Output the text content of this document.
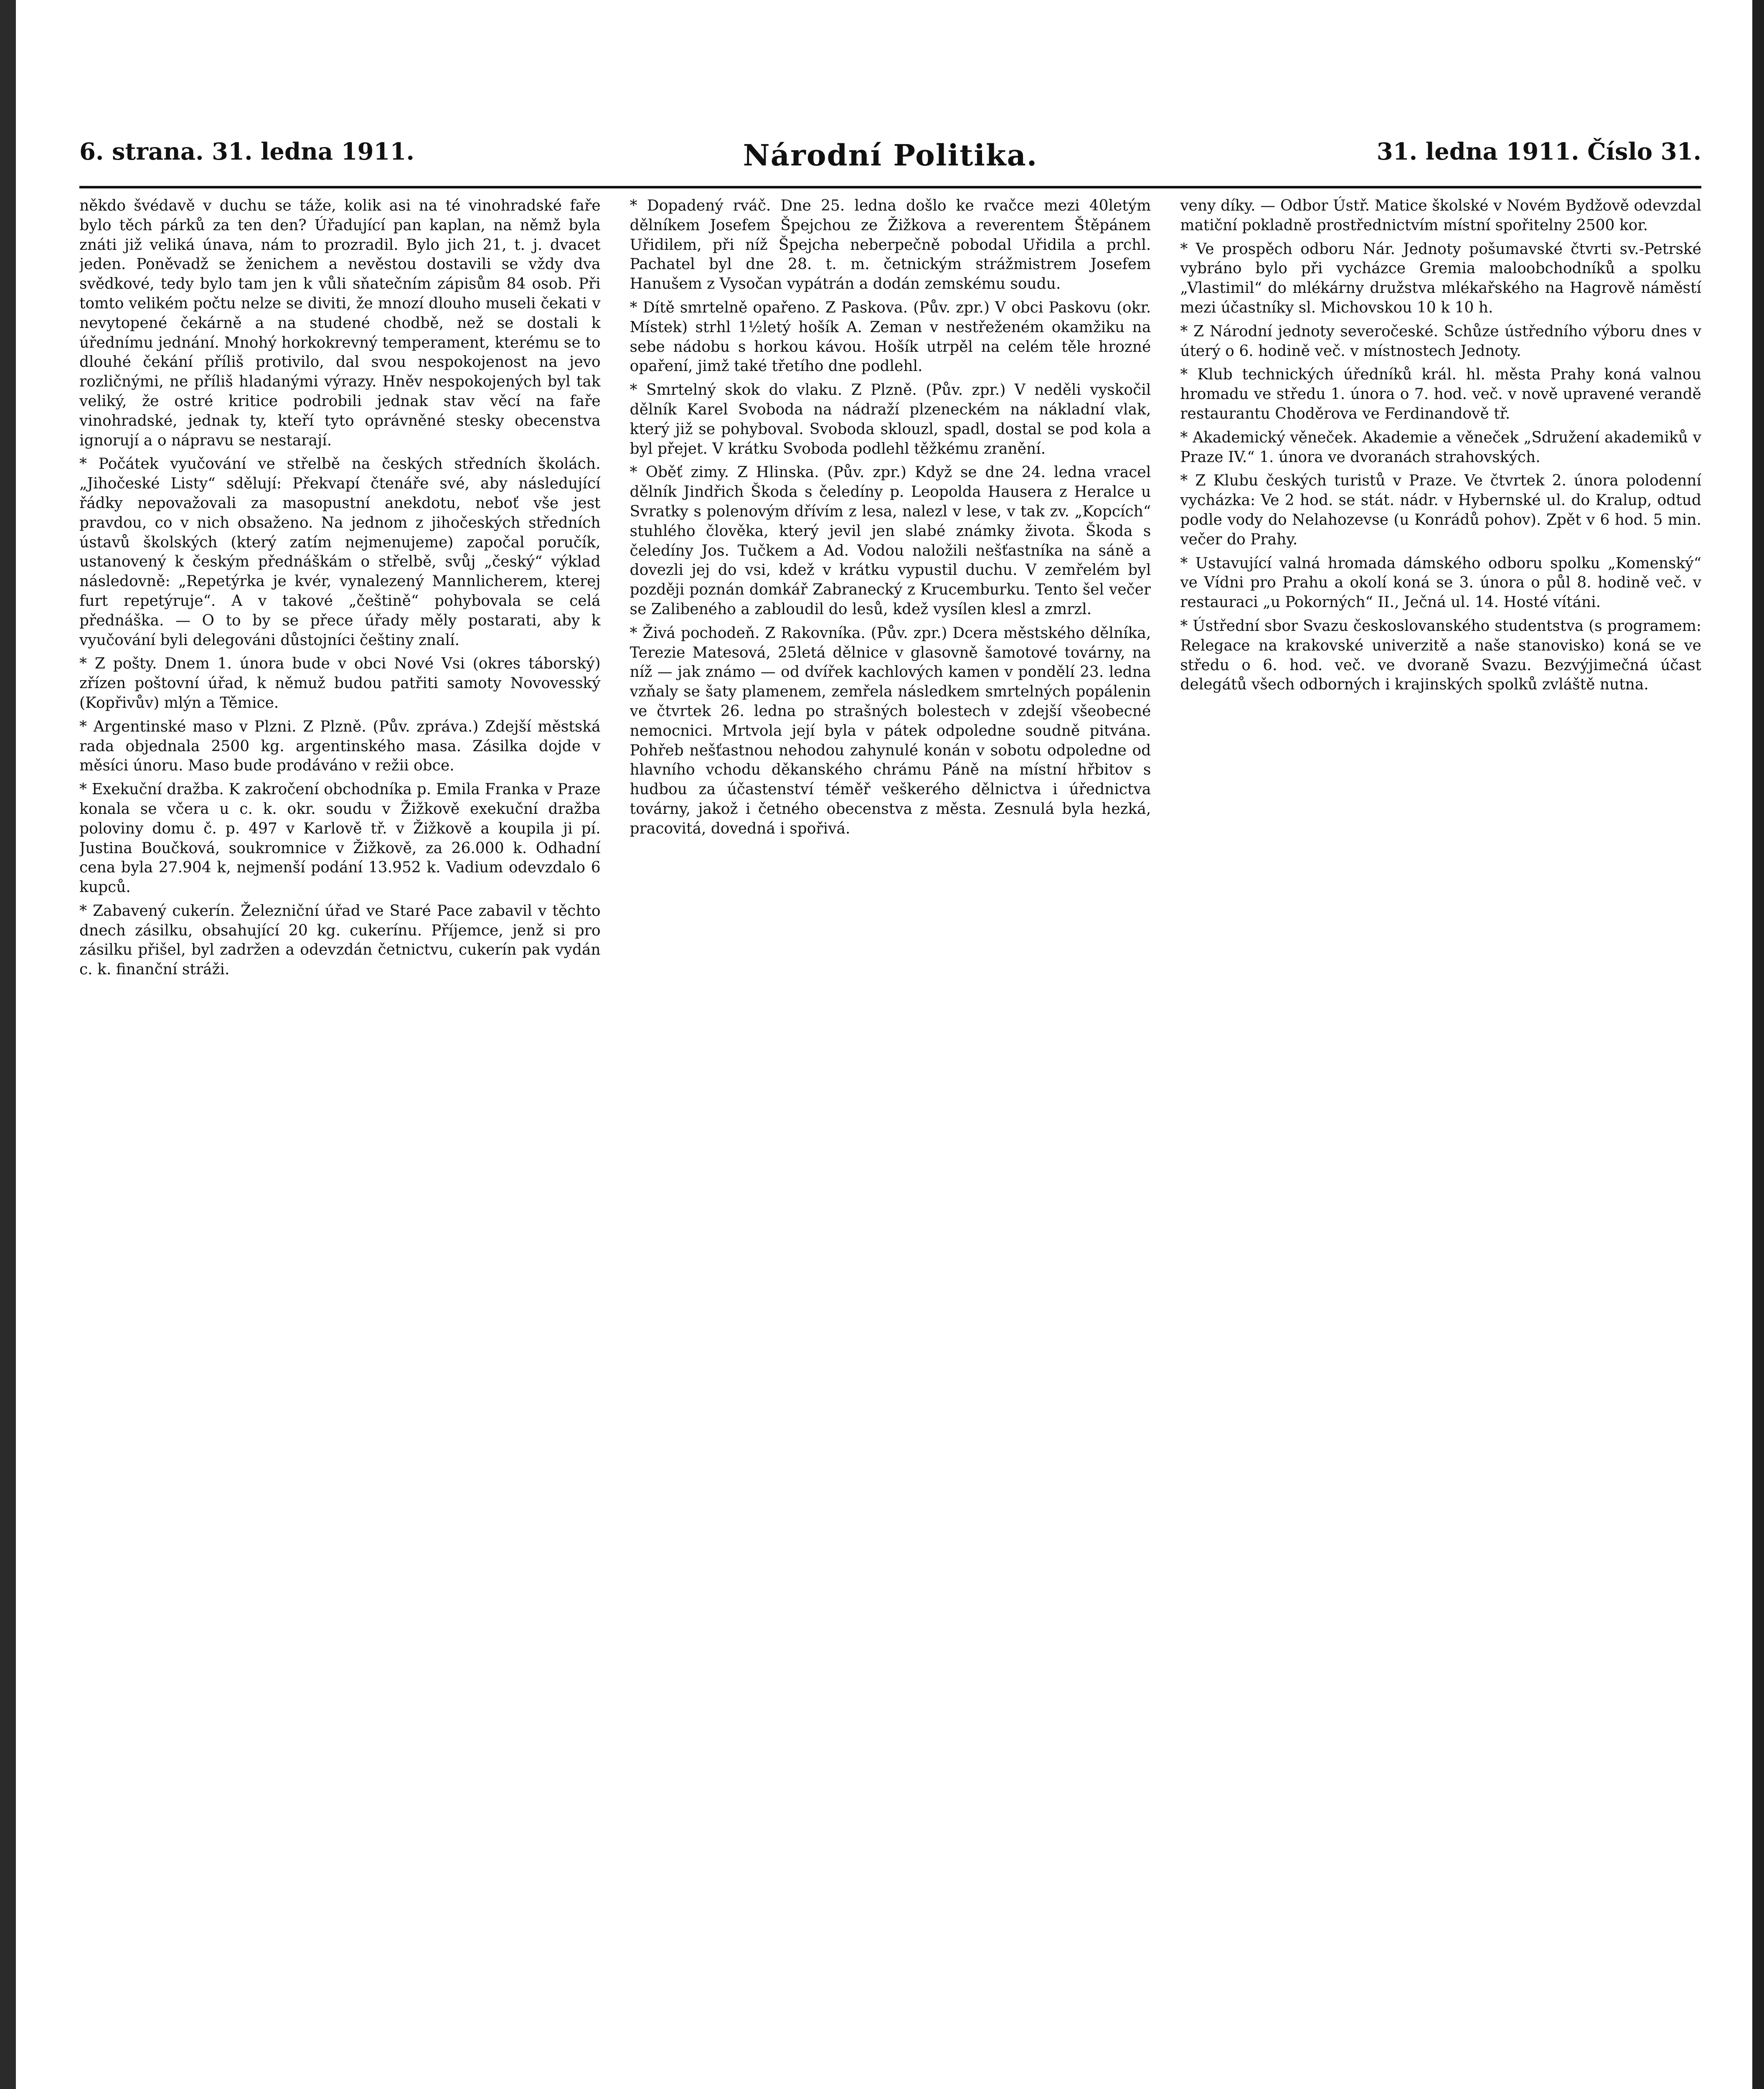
6. strana. 31. ledna 1911.	Národní Politika.	31. ledna 1911. Číslo 31.

někdo švédavě v duchu se táže, kolik asi na té vinohradské faře bylo těch párků za ten den? Úřadující pan kaplan, na němž byla znáti již veliká únava, nám to prozradil. Bylo jich 21, t. j. dvacet jeden. Poněvadž se ženichem a nevěstou dostavili se vždy dva svědkové, tedy bylo tam jen k vůli sňatečním zápisům 84 osob. Při tomto velikém počtu nelze se diviti, že mnozí dlouho museli čekati v nevytopené čekárně a na studené chodbě, než se dostali k úřednímu jednání. Mnohý horkokrevný temperament, kterému se to dlouhé čekání příliš protivilo, dal svou nespokojenost na jevo rozličnými, ne příliš hladanými výrazy. Hněv nespokojených byl tak veliký, že ostré kritice podrobili jednak stav věcí na faře vinohradské, jednak ty, kteří tyto oprávněné stesky obecenstva ignorují a o nápravu se nestarají.

* Počátek vyučování ve střelbě na českých středních školách. „Jihočeské Listy“ sdělují: Překvapí čtenáře své, aby následující řádky nepovažovali za masopustní anekdotu, neboť vše jest pravdou, co v nich obsaženo. Na jednom z jihočeských středních ústavů školských (který zatím nejmenujeme) započal poručík, ustanovený k českým přednáškám o střelbě, svůj „český“ výklad následovně: „Repetýrka je kvér, vynalezený Mannlicherem, kterej furt repetýruje“. A v takové „češtině“ pohybovala se celá přednáška. — O to by se přece úřady měly postarati, aby k vyučování byli delegováni důstojníci češtiny znalí.

* Z pošty. Dnem 1. února bude v obci Nové Vsi (okres táborský) zřízen poštovní úřad, k němuž budou patřiti samoty Novovesský (Kopřivův) mlýn a Těmice.

* Argentinské maso v Plzni. Z Plzně. (Pův. zpráva.) Zdejší městská rada objednala 2500 kg. argentinského masa. Zásilka dojde v měsíci únoru. Maso bude prodáváno v režii obce.

* Exekuční dražba. K zakročení obchodníka p. Emila Franka v Praze konala se včera u c. k. okr. soudu v Žižkově exekuční dražba poloviny domu č. p. 497 v Karlově tř. v Žižkově a koupila ji pí. Justina Boučková, soukromnice v Žižkově, za 26.000 k. Odhadní cena byla 27.904 k, nejmenší podání 13.952 k. Vadium odevzdalo 6 kupců.

* Zabavený cukerín. Železniční úřad ve Staré Pace zabavil v těchto dnech zásilku, obsahující 20 kg. cukerínu. Příjemce, jenž si pro zásilku přišel, byl zadržen a odevzdán četnictvu, cukerín pak vydán c. k. finanční stráži.

* Dopadený rváč. Dne 25. ledna došlo ke rvačce mezi 40letým dělníkem Josefem Špejchou ze Žižkova a reverentem Štěpánem Uřidilem, při níž Špejcha neberpečně pobodal Uřidila a prchl. Pachatel byl dne 28. t. m. četnickým strážmistrem Josefem Hanušem z Vysočan vypátrán a dodán zemskému soudu.

* Dítě smrtelně opařeno. Z Paskova. (Pův. zpr.) V obci Paskovu (okr. Místek) strhl 1½letý hošík A. Zeman v nestřeženém okamžiku na sebe nádobu s horkou kávou. Hošík utrpěl na celém těle hrozné opaření, jimž také třetího dne podlehl.

* Smrtelný skok do vlaku. Z Plzně. (Pův. zpr.) V neděli vyskočil dělník Karel Svoboda na nádraží plzeneckém na nákladní vlak, který již se pohyboval. Svoboda sklouzl, spadl, dostal se pod kola a byl přejet. V krátku Svoboda podlehl těžkému zranění.

* Oběť zimy. Z Hlinska. (Pův. zpr.) Když se dne 24. ledna vracel dělník Jindřich Škoda s čeledíny p. Leopolda Hausera z Heralce u Svratky s polenovým dřívím z lesa, nalezl v lese, v tak zv. „Kopcích“ stuhlého člověka, který jevil jen slabé známky života. Škoda s čeledíny Jos. Tučkem a Ad. Vodou naložili nešťastníka na sáně a dovezli jej do vsi, kdež v krátku vypustil duchu. V zemřelém byl později poznán domkář Zabranecký z Krucemburku. Tento šel večer se Zalibeného a zabloudil do lesů, kdež vysílen klesl a zmrzl.

* Živá pochodeň. Z Rakovníka. (Pův. zpr.) Dcera městského dělníka, Terezie Matesová, 25letá dělnice v glasovně šamotové továrny, na níž — jak známo — od dvířek kachlových kamen v pondělí 23. ledna vzňaly se šaty plamenem, zemřela následkem smrtelných popálenin ve čtvrtek 26. ledna po strašných bolestech v zdejší všeobecné nemocnici. Mrtvola její byla v pátek odpoledne soudně pitvána. Pohřeb nešťastnou nehodou zahynulé konán v sobotu odpoledne od hlavního vchodu děkanského chrámu Páně na místní hřbitov s hudbou za účastenství téměř veškerého dělnictva i úřednictva továrny, jakož i četného obecenstva z města. Zesnulá byla hezká, pracovitá, dovedná i spořivá.

veny díky. — Odbor Ústř. Matice školské v Novém Bydžově odevzdal matiční pokladně prostřednictvím místní spořitelny 2500 kor.

* Ve prospěch odboru Nár. Jednoty pošumavské čtvrti sv.-Petrské vybráno bylo při vycházce Gremia maloobchodníků a spolku „Vlastimil“ do mlékárny družstva mlékařského na Hagrově náměstí mezi účastníky sl. Michovskou 10 k 10 h.

* Z Národní jednoty severočeské. Schůze ústředního výboru dnes v úterý o 6. hodině več. v místnostech Jednoty.

* Klub technických úředníků král. hl. města Prahy koná valnou hromadu ve středu 1. února o 7. hod. več. v nově upravené verandě restaurantu Choděrova ve Ferdinandově tř.

* Akademický věneček. Akademie a věneček „Sdružení akademiků v Praze IV.“ 1. února ve dvoranách strahovských.

* Z Klubu českých turistů v Praze. Ve čtvrtek 2. února polodenní vycházka: Ve 2 hod. se stát. nádr. v Hybernské ul. do Kralup, odtud podle vody do Nelahozevse (u Konrádů pohov). Zpět v 6 hod. 5 min. večer do Prahy.

* Ustavující valná hromada dámského odboru spolku „Komenský“ ve Vídni pro Prahu a okolí koná se 3. února o půl 8. hodině več. v restauraci „u Pokorných“ II., Ječná ul. 14. Hosté vítáni.

* Ústřední sbor Svazu českoslovanského studentstva (s programem: Relegace na krakovské univerzitě a naše stanovisko) koná se ve středu o 6. hod. več. ve dvoraně Svazu. Bezvýjimečná účast delegátů všech odborných i krajinských spolků zvláště nutna.
